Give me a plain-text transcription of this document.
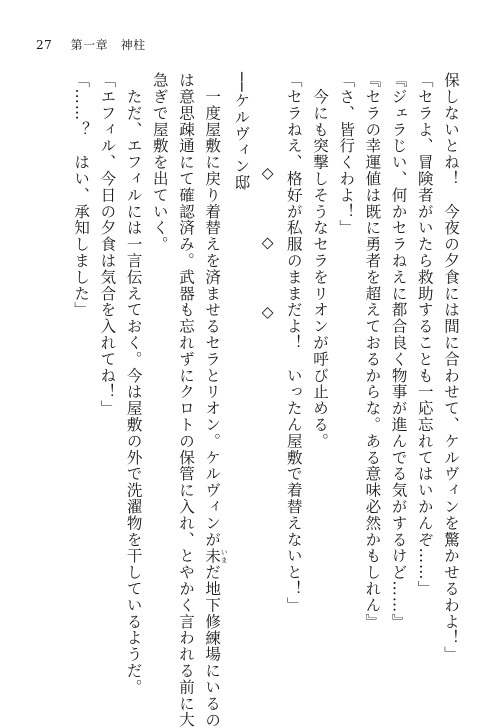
27 第一章　神柱
保しないとね！　今夜の夕食には間に合わせて、ケルヴィンを驚かせるわよ！」
「セラよ、冒険者がいたら救助することも一応忘れてはいかんぞ……」
『ジェラじい、何かセラねえに都合良く物事が進んでる気がするけど……』
『セラの幸運値は既に勇者を超えておるからな。ある意味必然かもしれん』
「さ、皆行くわよ！」
　今にも突撃しそうなセラをリオンが呼び止める。
「セラねえ、格好が私服のままだよ！　いったん屋敷で着替えないと！」
◇　◇　◇
──ケルヴィン邸
　一度屋敷に戻り着替えを済ませるセラとリオン。ケルヴィンが未 いまだ地下修練場にいるの
は意思疎通にて確認済み。武器も忘れずにクロトの保管に入れ、とやかく言われる前に大
急ぎで屋敷を出ていく。
　ただ、エフィルには一言伝えておく。今は屋敷の外で洗濯物を干しているようだ。
「エフィル、今日の夕食は気合を入れてね！」
「……？　はい、承知しました」
